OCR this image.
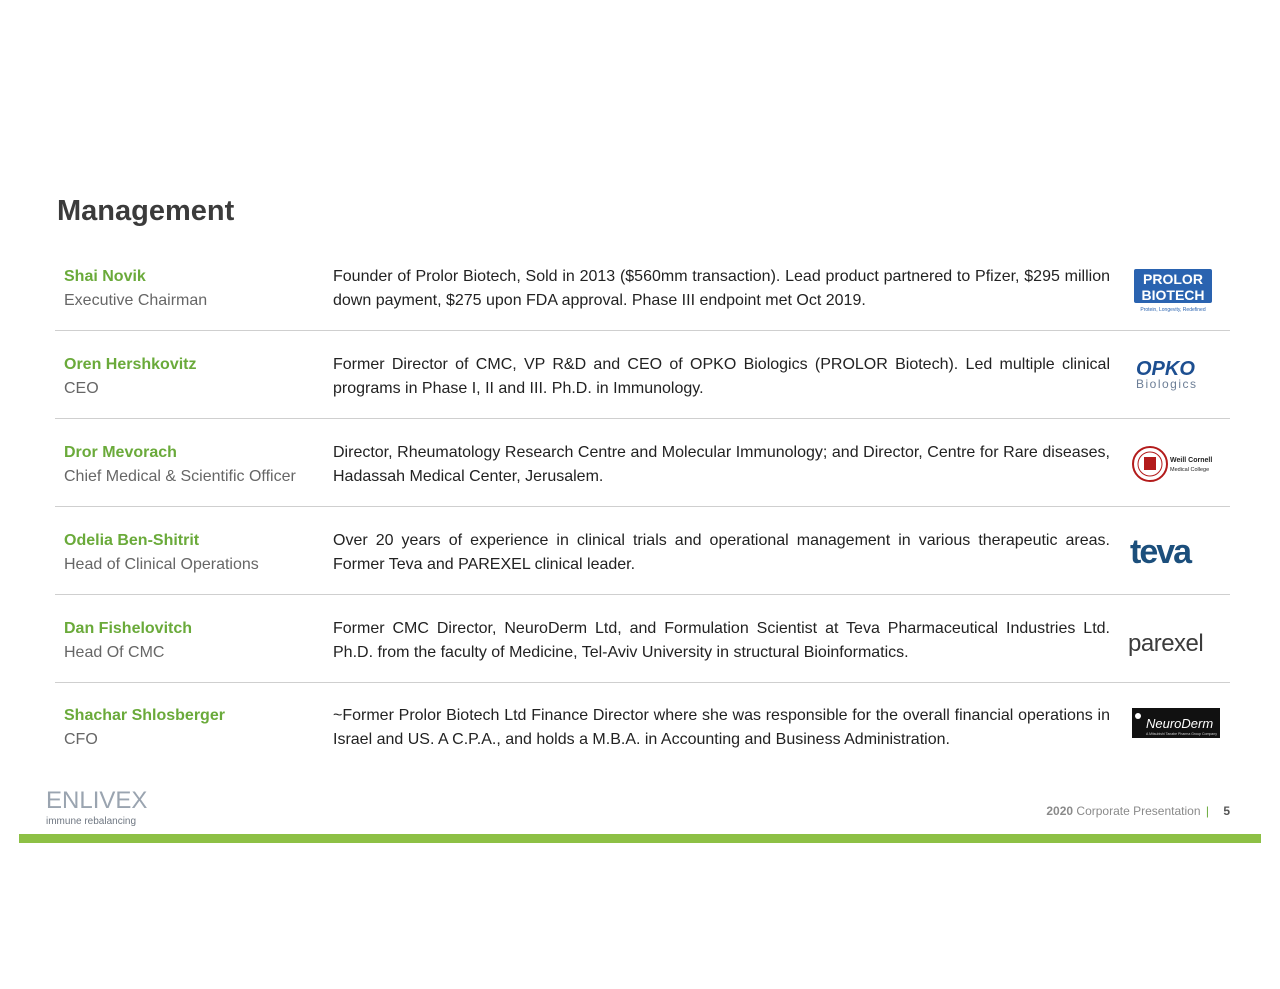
Management
Shai Novik
Executive Chairman
Founder of Prolor Biotech, Sold in 2013 ($560mm transaction). Lead product partnered to Pfizer, $295 million down payment, $275 upon FDA approval. Phase III endpoint met Oct 2019.
PROLOR
BIOTECH
Protein, Longevity, Redefined
Oren Hershkovitz
CEO
Former Director of CMC, VP R&D and CEO of OPKO Biologics (PROLOR Biotech). Led multiple clinical programs in Phase I, II and III. Ph.D. in Immunology.
OPKO
Biologics
Dror Mevorach
Chief Medical & Scientific Officer
Director, Rheumatology Research Centre and Molecular Immunology; and Director, Centre for Rare diseases, Hadassah Medical Center, Jerusalem.
Weill Cornell
Medical College
Odelia Ben-Shitrit
Head of Clinical Operations
Over 20 years of experience in clinical trials and operational management in various therapeutic areas. Former Teva and PAREXEL clinical leader.	teva
Dan Fishelovitch
Head Of CMC
Former CMC Director, NeuroDerm Ltd, and Formulation Scientist at Teva Pharmaceutical Industries Ltd. Ph.D. from the faculty of Medicine, Tel-Aviv University in structural Bioinformatics.	parexel
Shachar Shlosberger
CFO
~Former Prolor Biotech Ltd Finance Director where she was responsible for the overall financial operations in Israel and US. A C.P.A., and holds a M.B.A. in Accounting and Business Administration.
NeuroDerm
A Mitsubishi Tanabe Pharma Group Company
ENLIVEX
immune rebalancing
2020 Corporate Presentation | 5
